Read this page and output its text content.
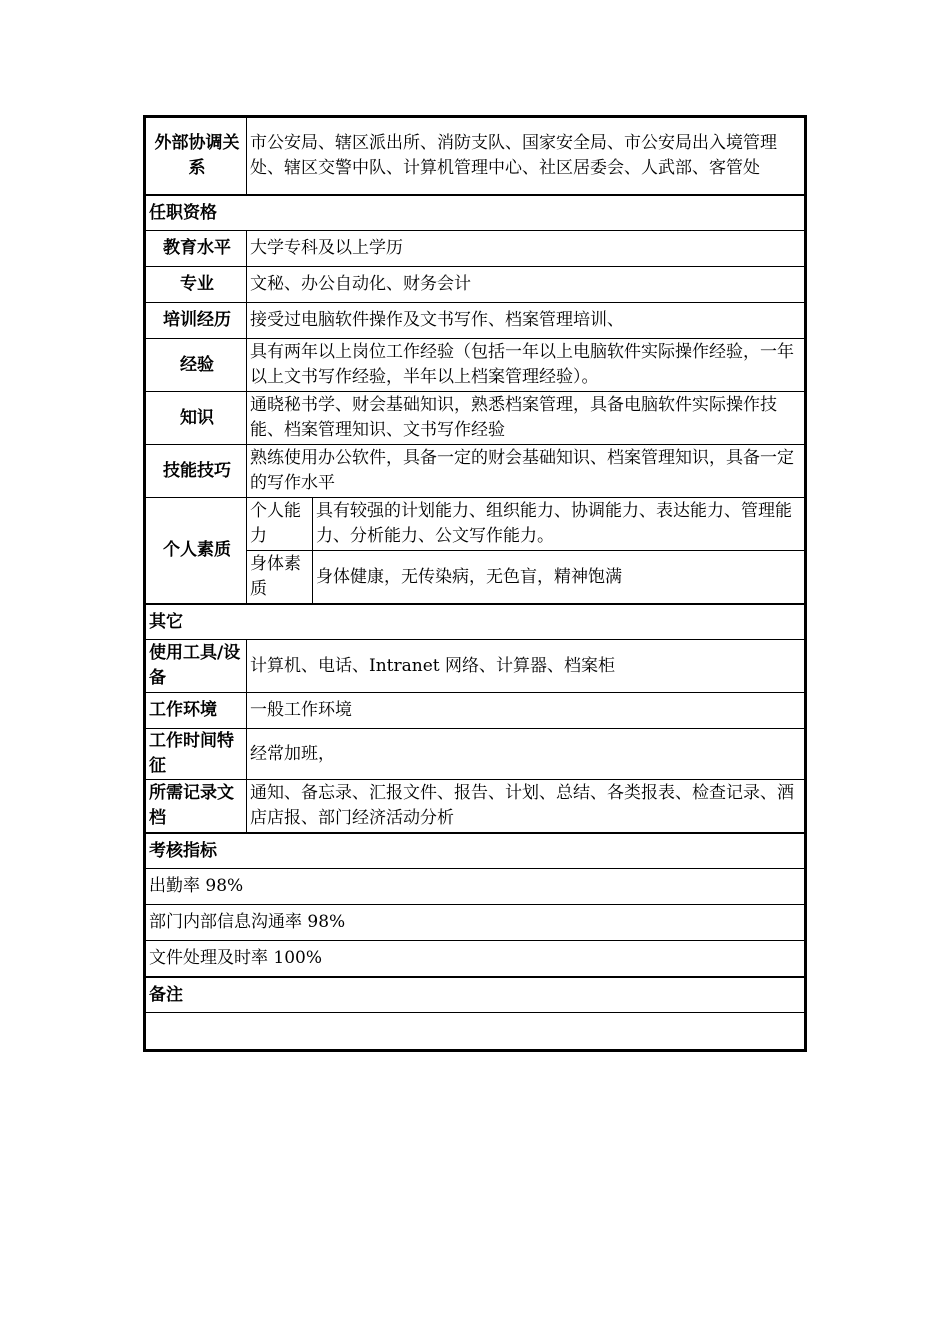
外部协调关系	市公安局、辖区派出所、消防支队、国家安全局、市公安局出入境管理处、辖区交警中队、计算机管理中心、社区居委会、人武部、客管处	
任职资格		
教育水平	大学专科及以上学历	
专业	文秘、办公自动化、财务会计	
培训经历	接受过电脑软件操作及文书写作、档案管理培训、	
经验	具有两年以上岗位工作经验（包括一年以上电脑软件实际操作经验，一年以上文书写作经验，半年以上档案管理经验）。	
知识	通晓秘书学、财会基础知识，熟悉档案管理，具备电脑软件实际操作技能、档案管理知识、文书写作经验	
技能技巧	熟练使用办公软件，具备一定的财会基础知识、档案管理知识，具备一定的写作水平	
个人素质	个人能力	具有较强的计划能力、组织能力、协调能力、表达能力、管理能力、分析能力、公文写作能力。
	身体素质	身体健康，无传染病，无色盲，精神饱满
其它		
使用工具/设备	计算机、电话、Intranet 网络、计算器、档案柜	
工作环境	一般工作环境	
工作时间特征	经常加班，	
所需记录文档	通知、备忘录、汇报文件、报告、计划、总结、各类报表、检查记录、酒店店报、部门经济活动分析	
考核指标		
出勤率 98%		
部门内部信息沟通率 98%		
文件处理及时率 100%		
备注		
